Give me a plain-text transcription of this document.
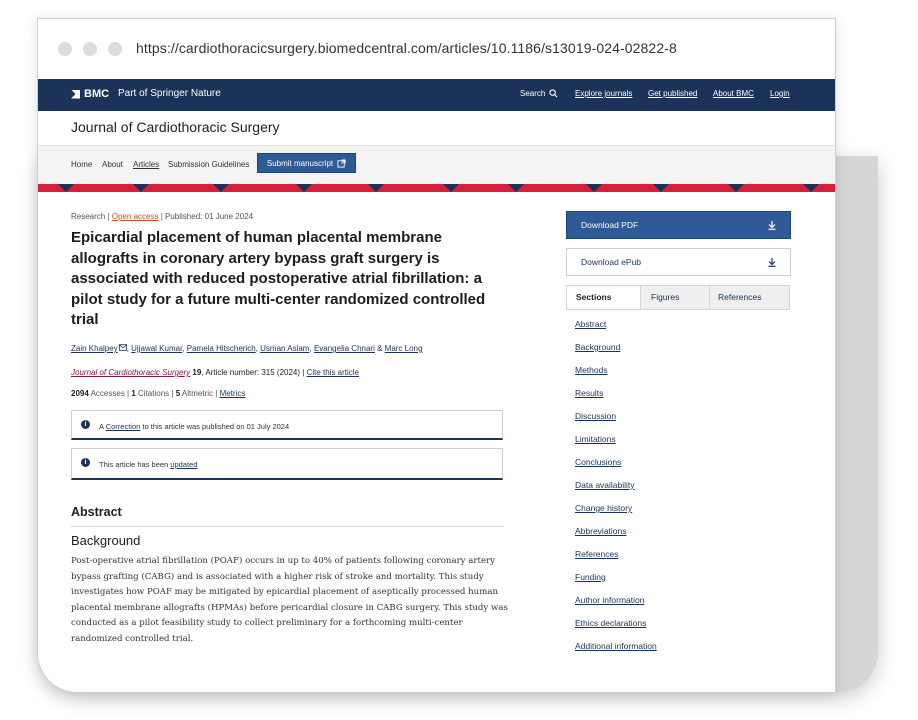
https://cardiothoracicsurgery.biomedcentral.com/articles/10.1186/s13019-024-02822-8
BMC Part of Springer Nature	Search	Explore journals Get published About BMC Login
Journal of Cardiothoracic Surgery
Home About Articles Submission Guidelines Submit manuscript
Research | Open access | Published: 01 June 2024
Epicardial placement of human placental membrane allografts in coronary artery bypass graft surgery is associated with reduced postoperative atrial fibrillation: a pilot study for a future multi-center randomized controlled trial
Zain Khalpey , Ujjawal Kumar, Pamela Hitscherich, Usman Aslam, Evangelia Chnari & Marc Long
Journal of Cardiothoracic Surgery 19, Article number: 315 (2024) | Cite this article
2094 Accesses | 1 Citations | 5 Altmetric | Metrics
i	A Correction to this article was published on 01 July 2024
i	This article has been updated
Abstract
Background
Post-operative atrial fibrillation (POAF) occurs in up to 40% of patients following coronary artery bypass grafting (CABG) and is associated with a higher risk of stroke and mortality. This study investigates how POAF may be mitigated by epicardial placement of aseptically processed human placental membrane allografts (HPMAs) before pericardial closure in CABG surgery. This study was conducted as a pilot feasibility study to collect preliminary for a forthcoming multi-center randomized controlled trial.
Download PDF
Download ePub
Sections	Figures	References
Abstract
Background
Methods
Results
Discussion
Limitations
Conclusions
Data availability
Change history
Abbreviations
References
Funding
Author information
Ethics declarations
Additional information
